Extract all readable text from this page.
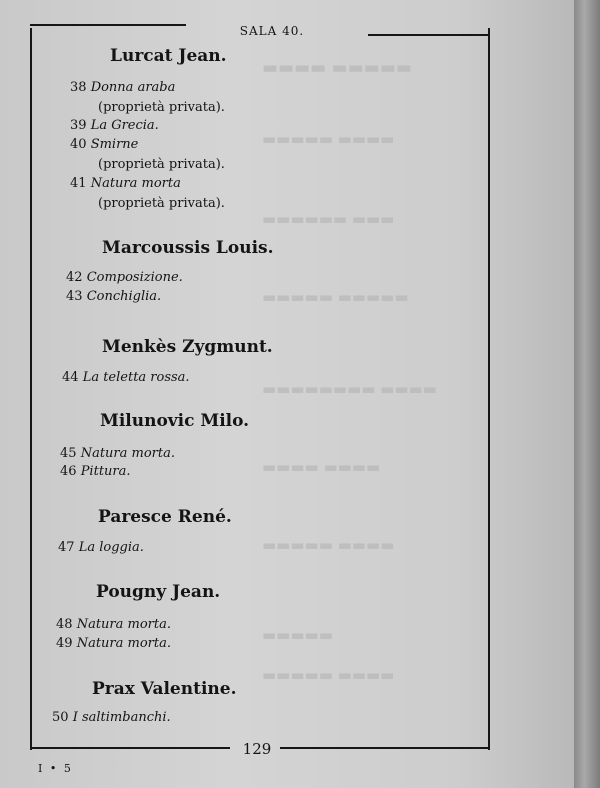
▬▬▬▬ ▬▬▬▬▬
▬▬▬▬▬ ▬▬▬▬
▬▬▬▬▬▬ ▬▬▬
▬▬▬▬▬ ▬▬▬▬▬
▬▬▬▬▬▬▬▬ ▬▬▬▬
▬▬▬▬ ▬▬▬▬
▬▬▬▬▬ ▬▬▬▬
▬▬▬▬▬
▬▬▬▬▬ ▬▬▬▬
SALA 40.
129
I • 5
Lurcat Jean.
38 Donna araba
(proprietà privata).
39 La Grecia.
40 Smirne
(proprietà privata).
41 Natura morta
(proprietà privata).
Marcoussis Louis.
42 Composizione.
43 Conchiglia.
Menkès Zygmunt.
44 La teletta rossa.
Milunovic Milo.
45 Natura morta.
46 Pittura.
Paresce René.
47 La loggia.
Pougny Jean.
48 Natura morta.
49 Natura morta.
Prax Valentine.
50 I saltimbanchi.
